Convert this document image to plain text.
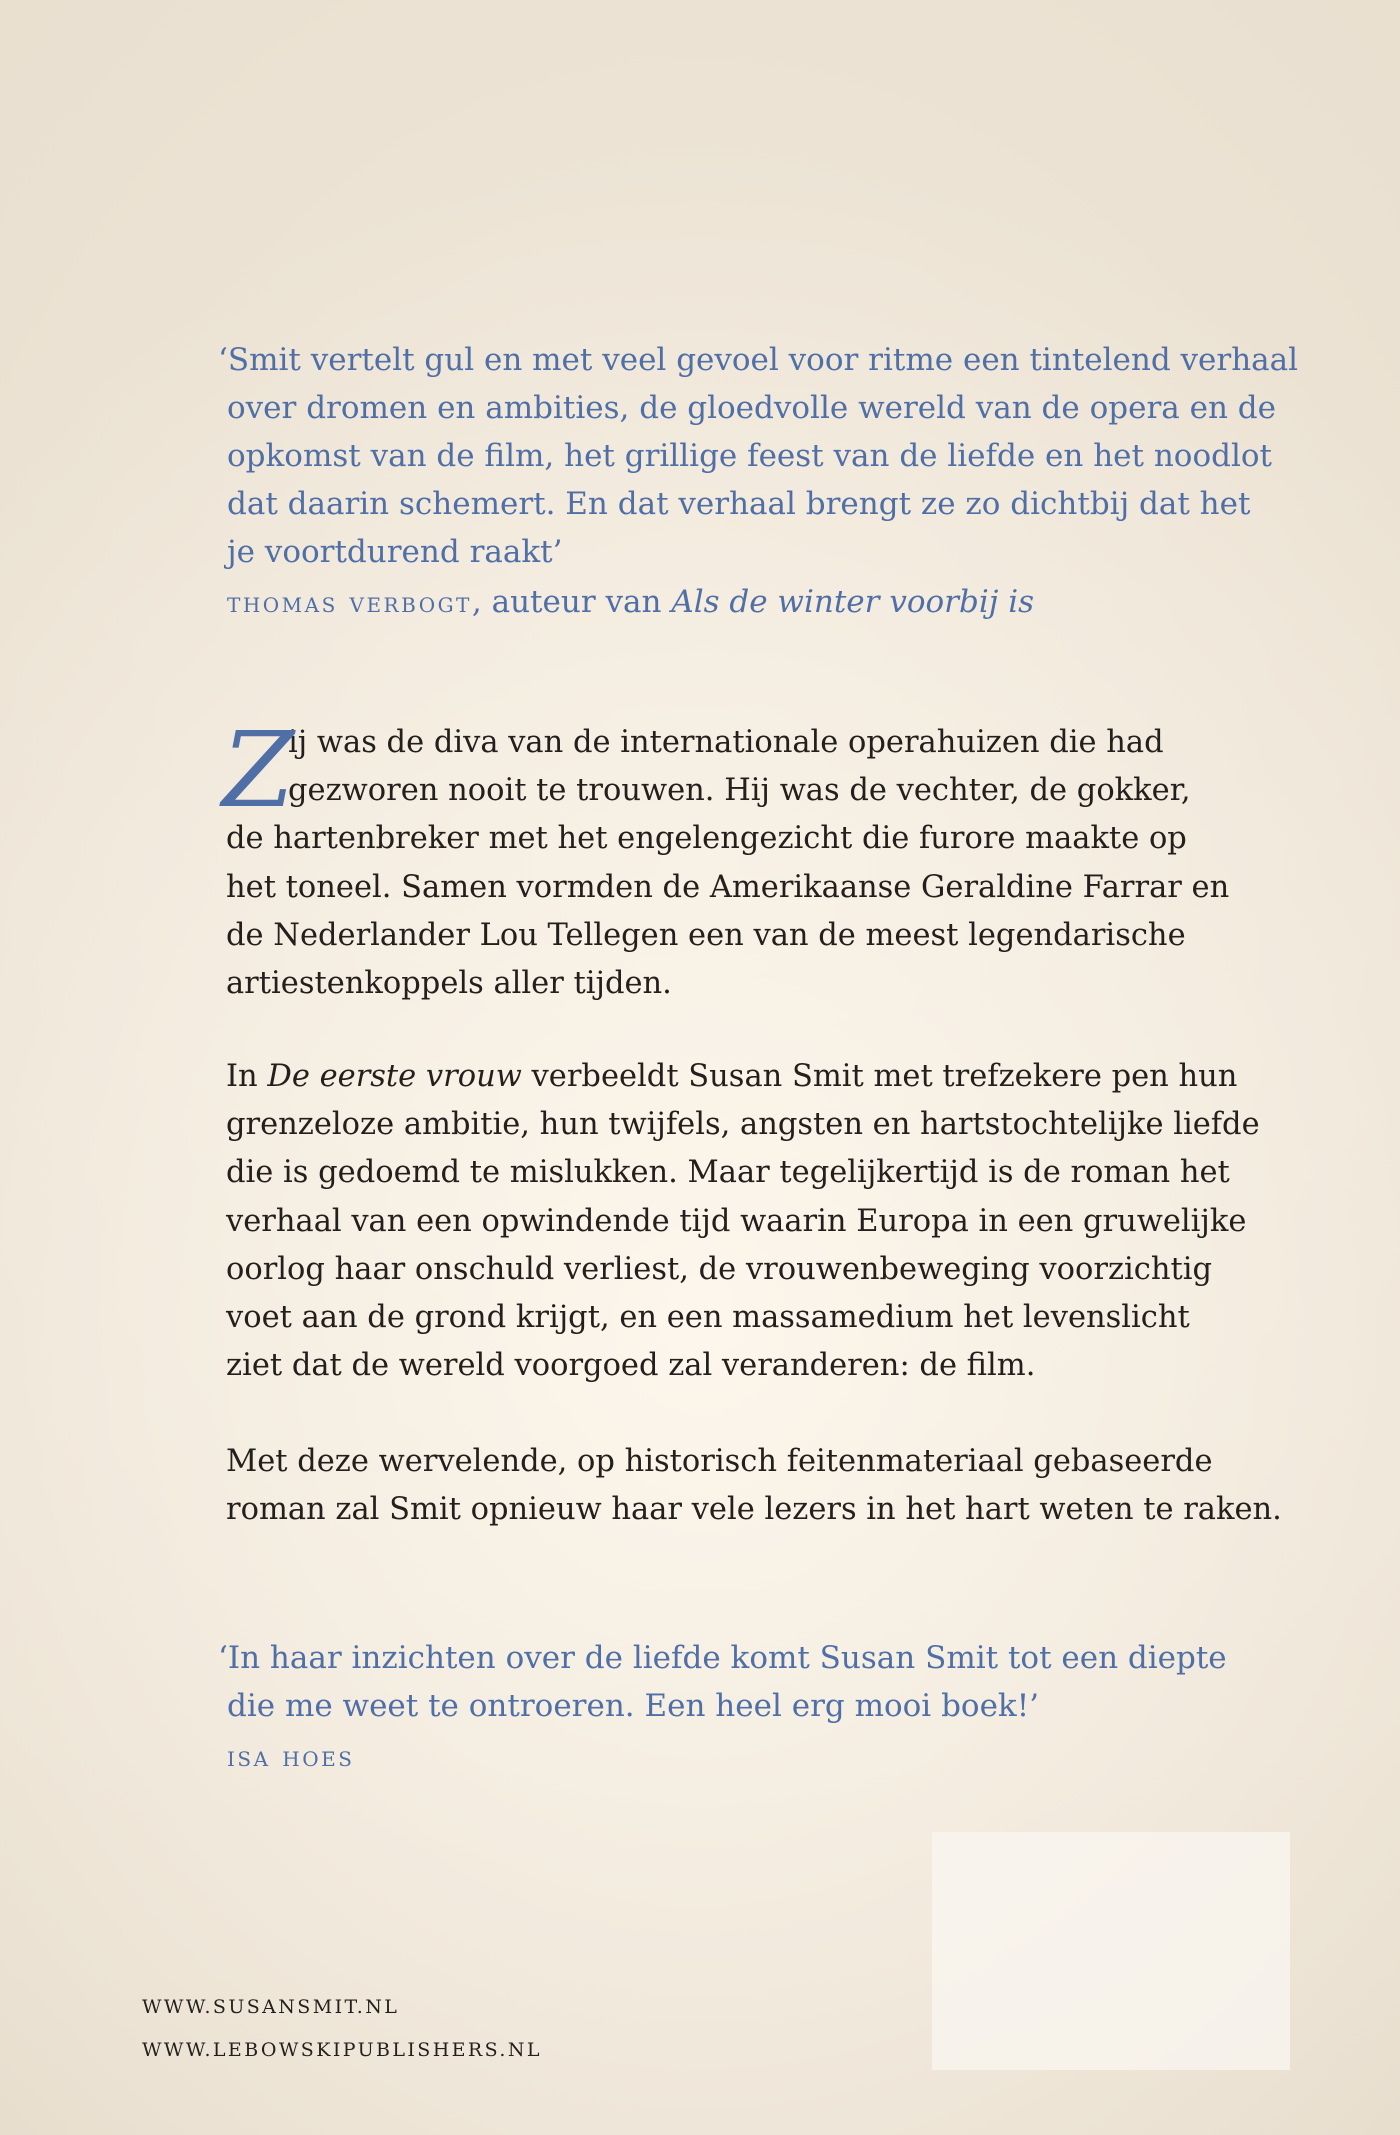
‘Smit vertelt gul en met veel gevoel voor ritme een tintelend verhaal
over dromen en ambities, de gloedvolle wereld van de opera en de
opkomst van de film, het grillige feest van de liefde en het noodlot
dat daarin schemert. En dat verhaal brengt ze zo dichtbij dat het
je voortdurend raakt’
thomas verbogt, auteur van Als de winter voorbij is
Z
ij was de diva van de internationale operahuizen die had
gezworen nooit te trouwen. Hij was de vechter, de gokker,
de hartenbreker met het engelengezicht die furore maakte op
het toneel. Samen vormden de Amerikaanse Geraldine Farrar en
de Nederlander Lou Tellegen een van de meest legendarische
artiestenkoppels aller tijden.
In De eerste vrouw verbeeldt Susan Smit met trefzekere pen hun
grenzeloze ambitie, hun twijfels, angsten en hartstochtelijke liefde
die is gedoemd te mislukken. Maar tegelijkertijd is de roman het
verhaal van een opwindende tijd waarin Europa in een gruwelijke
oorlog haar onschuld verliest, de vrouwenbeweging voorzichtig
voet aan de grond krijgt, en een massamedium het levenslicht
ziet dat de wereld voorgoed zal veranderen: de film.
Met deze wervelende, op historisch feitenmateriaal gebaseerde
roman zal Smit opnieuw haar vele lezers in het hart weten te raken.
‘In haar inzichten over de liefde komt Susan Smit tot een diepte
die me weet te ontroeren. Een heel erg mooi boek!’
isa hoes
WWW.SUSANSMIT.NL
WWW.LEBOWSKIPUBLISHERS.NL
